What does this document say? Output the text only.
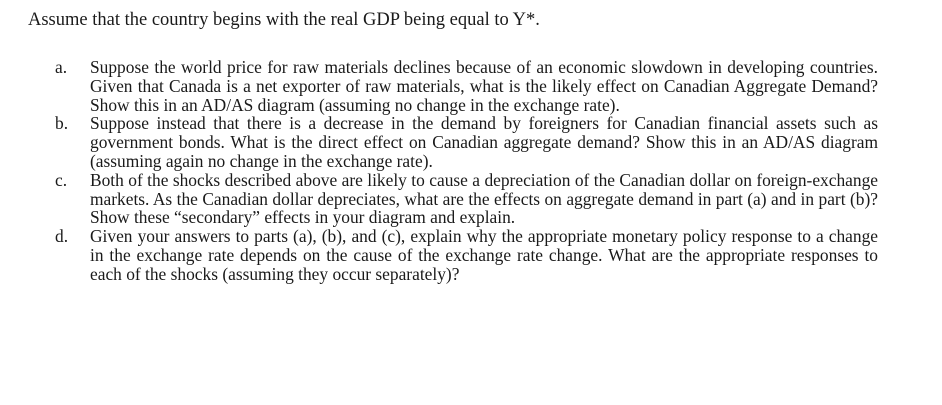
Assume that the country begins with the real GDP being equal to Y*.
a.	Suppose the world price for raw materials declines because of an economic slowdown in developing countries. Given that Canada is a net exporter of raw materials, what is the likely effect on Canadian Aggregate Demand? Show this in an AD/AS diagram (assuming no change in the exchange rate).
b.	Suppose instead that there is a decrease in the demand by foreigners for Canadian financial assets such as government bonds. What is the direct effect on Canadian aggregate demand? Show this in an AD/AS diagram (assuming again no change in the exchange rate).
c.	Both of the shocks described above are likely to cause a depreciation of the Canadian dollar on foreign-exchange markets. As the Canadian dollar depreciates, what are the effects on aggregate demand in part (a) and in part (b)? Show these “secondary” effects in your diagram and explain.
d.	Given your answers to parts (a), (b), and (c), explain why the appropriate monetary policy response to a change in the exchange rate depends on the cause of the exchange rate change. What are the appropriate responses to each of the shocks (assuming they occur separately)?
